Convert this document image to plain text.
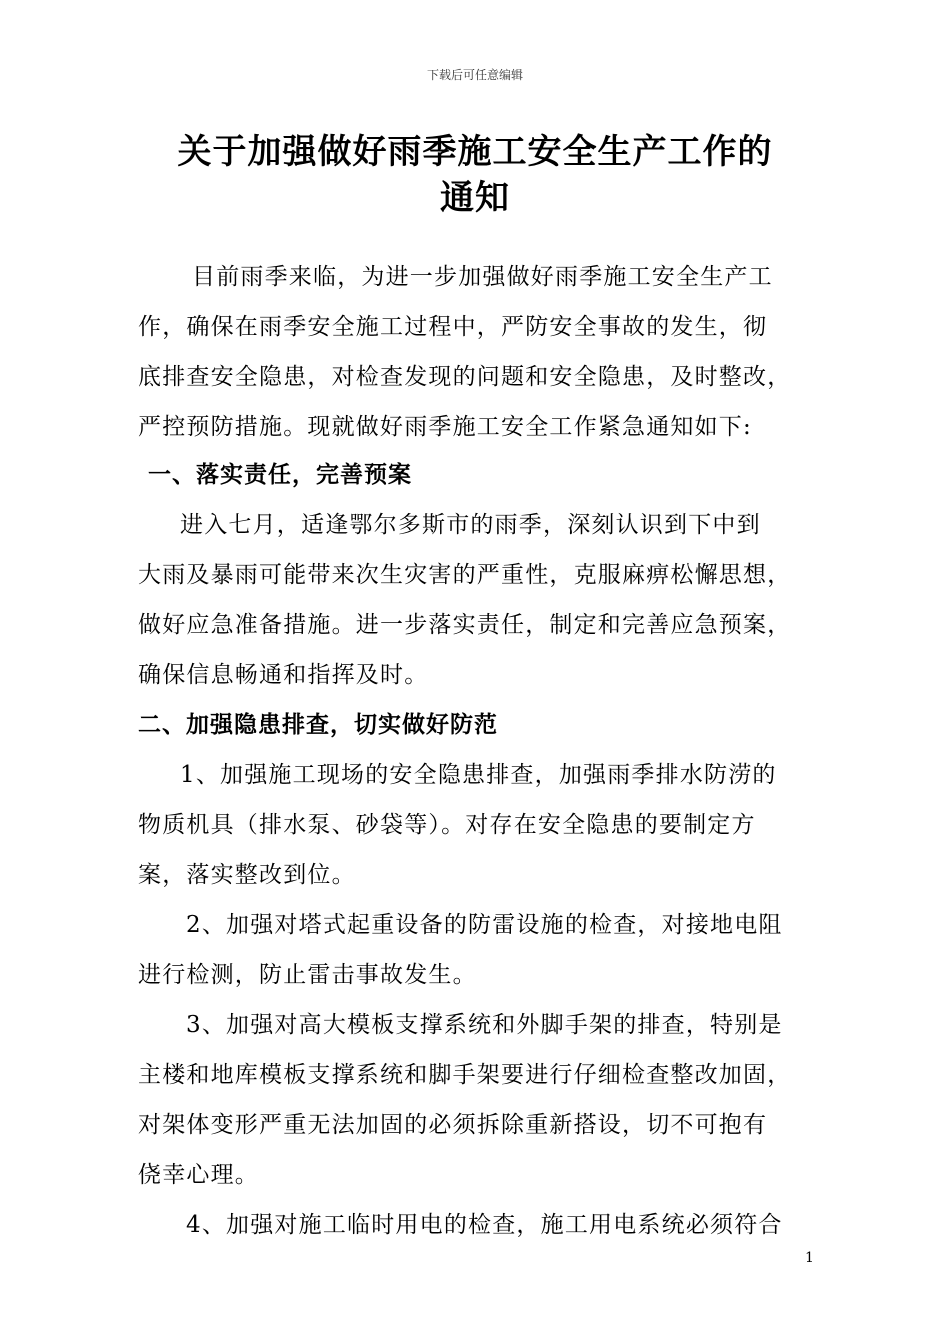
下载后可任意编辑
关于加强做好雨季施工安全生产工作的
通知
目前雨季来临，为进一步加强做好雨季施工安全生产工
作，确保在雨季安全施工过程中，严防安全事故的发生，彻
底排查安全隐患，对检查发现的问题和安全隐患，及时整改，
严控预防措施。现就做好雨季施工安全工作紧急通知如下:
一、落实责任，完善预案
进入七月，适逢鄂尔多斯市的雨季，深刻认识到下中到
大雨及暴雨可能带来次生灾害的严重性，克服麻痹松懈思想，
做好应急准备措施。进一步落实责任，制定和完善应急预案，
确保信息畅通和指挥及时。
二、加强隐患排查，切实做好防范
1、加强施工现场的安全隐患排查，加强雨季排水防涝的
物质机具（排水泵、砂袋等）。对存在安全隐患的要制定方
案，落实整改到位。
2、加强对塔式起重设备的防雷设施的检查，对接地电阻
进行检测，防止雷击事故发生。
3、加强对高大模板支撑系统和外脚手架的排查，特别是
主楼和地库模板支撑系统和脚手架要进行仔细检查整改加固，
对架体变形严重无法加固的必须拆除重新搭设，切不可抱有
侥幸心理。
4、加强对施工临时用电的检查，施工用电系统必须符合
1
